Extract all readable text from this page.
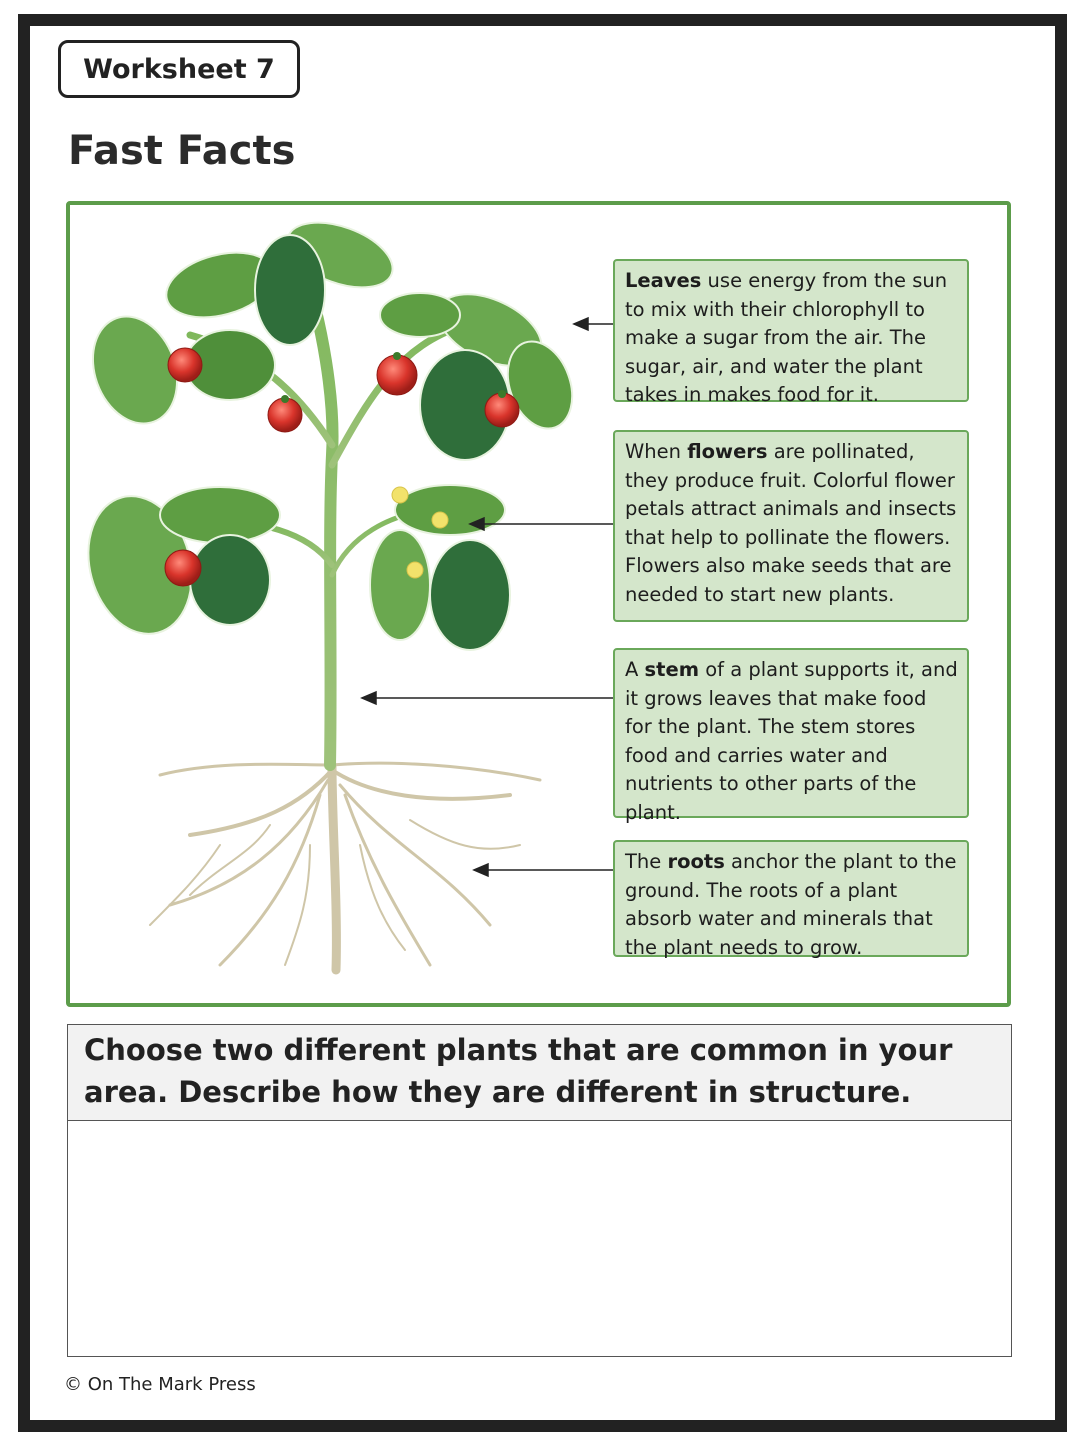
Worksheet 7
Fast Facts
Leaves use energy from the sun to mix with their chlorophyll to make a sugar from the air. The sugar, air, and water the plant takes in makes food for it.
When flowers are pollinated, they produce fruit. Colorful flower petals attract animals and insects that help to pollinate the flowers. Flowers also make seeds that are needed to start new plants.
A stem of a plant supports it, and it grows leaves that make food for the plant. The stem stores food and carries water and nutrients to other parts of the plant.
The roots anchor the plant to the ground. The roots of a plant absorb water and minerals that the plant needs to grow.
Choose two different plants that are common in your area. Describe how they are different in structure.
© On The Mark Press
